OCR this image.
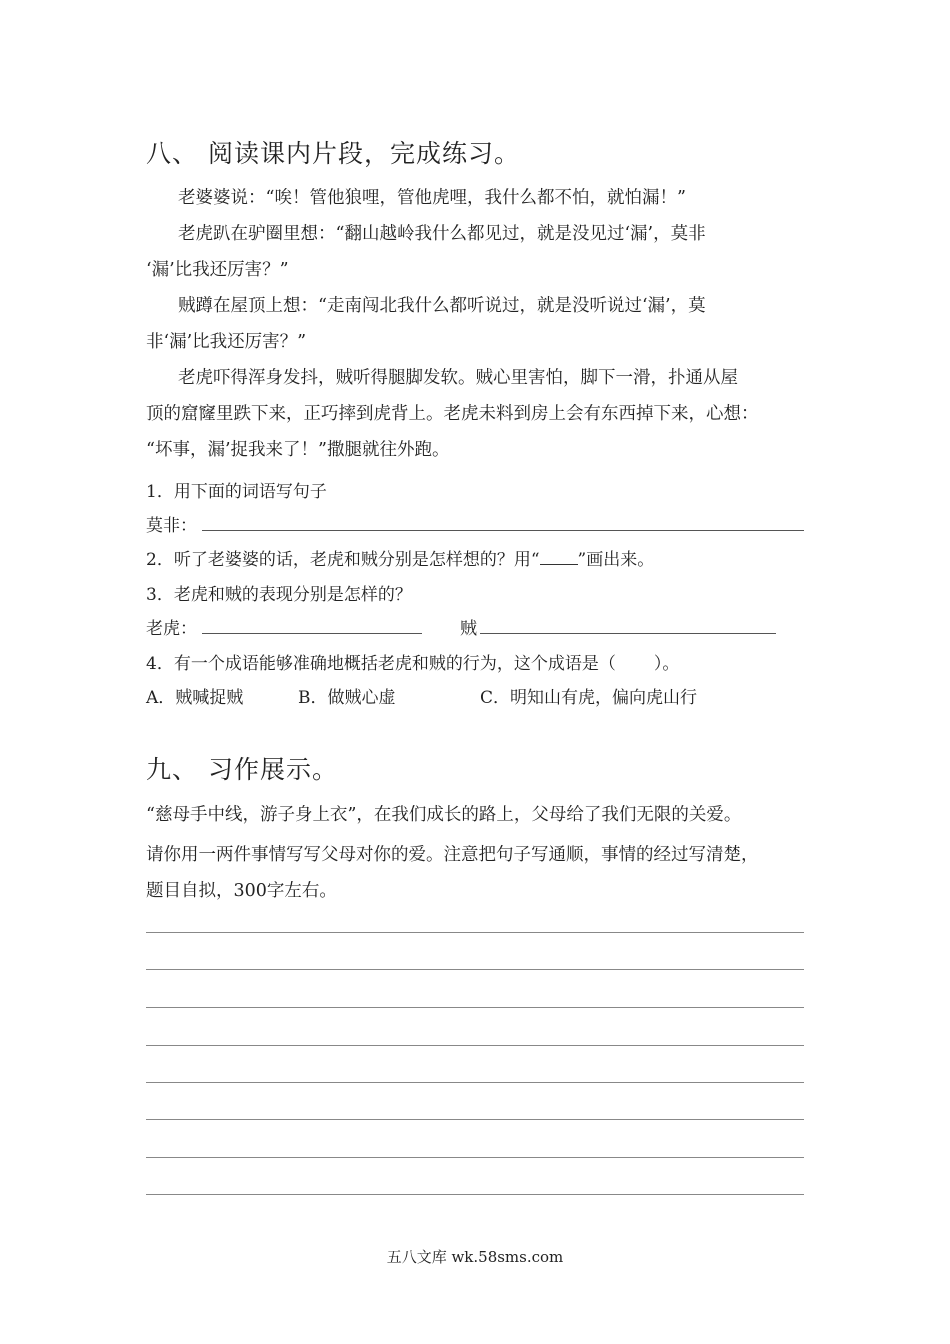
八、 阅读课内片段，完成练习。
老婆婆说：“唉！管他狼哩，管他虎哩，我什么都不怕，就怕漏！”
老虎趴在驴圈里想：“翻山越岭我什么都见过，就是没见过‘漏’，莫非
‘漏’比我还厉害？”
贼蹲在屋顶上想：“走南闯北我什么都听说过，就是没听说过‘漏’，莫
非‘漏’比我还厉害？”
老虎吓得浑身发抖，贼听得腿脚发软。贼心里害怕，脚下一滑，扑通从屋
顶的窟窿里跌下来，正巧摔到虎背上。老虎未料到房上会有东西掉下来，心想：
“坏事，漏’捉我来了！”撒腿就往外跑。
1．用下面的词语写句子
莫非：
2．听了老婆婆的话，老虎和贼分别是怎样想的？用“ ”画出来。
3．老虎和贼的表现分别是怎样的？
老虎：	贼
4．有一个成语能够准确地概括老虎和贼的行为，这个成语是（ ）。
A．贼喊捉贼	B．做贼心虚	C．明知山有虎，偏向虎山行
九、 习作展示。
“慈母手中线，游子身上衣”，在我们成长的路上，父母给了我们无限的关爱。
请你用一两件事情写写父母对你的爱。注意把句子写通顺，事情的经过写清楚，
题目自拟，300字左右。
五八文库 wk.58sms.com
